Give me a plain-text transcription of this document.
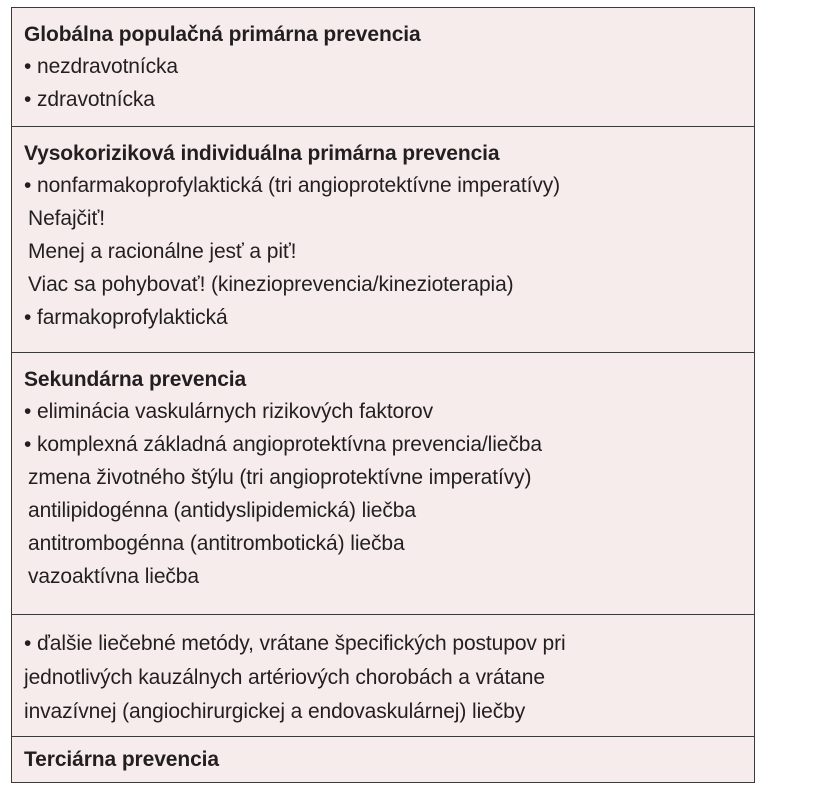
Globálna populačná primárna prevencia
• nezdravotnícka
• zdravotnícka
Vysokoriziková individuálna primárna prevencia
• nonfarmakoprofylaktická (tri angioprotektívne imperatívy)
Nefajčiť!
Menej a racionálne jesť a piť!
Viac sa pohybovať! (kinezioprevencia/kinezioterapia)
• farmakoprofylaktická
Sekundárna prevencia
• eliminácia vaskulárnych rizikových faktorov
• komplexná základná angioprotektívna prevencia/liečba
zmena životného štýlu (tri angioprotektívne imperatívy)
antilipidogénna (antidyslipidemická) liečba
antitrombogénna (antitrombotická) liečba
vazoaktívna liečba
• ďalšie liečebné metódy, vrátane špecifických postupov pri
jednotlivých kauzálnych artériových chorobách a vrátane
invazívnej (angiochirurgickej a endovaskulárnej) liečby
Terciárna prevencia
